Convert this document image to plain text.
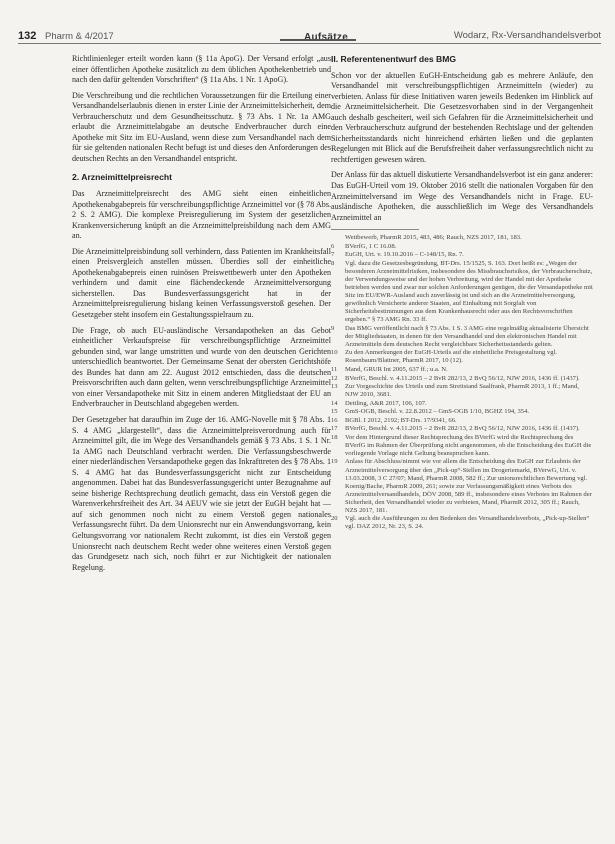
132 Pharm & 4/2017	Aufsätze	Wodarz, Rx-Versandhandelsverbot

Richtlinienleger erteilt worden kann (§ 11a ApoG). Der Versand erfolgt „aus einer öffentlichen Apotheke zusätzlich zu dem üblichen Apothekenbetrieb und nach den dafür geltenden Vorschriften“ (§ 11a Abs. 1 Nr. 1 ApoG).

Die Verschreibung und die rechtlichen Voraussetzungen für die Erteilung einer Versandhandelserlaubnis dienen in erster Linie der Arzneimittelsicherheit, dem Verbraucherschutz und dem Gesundheitsschutz. § 73 Abs. 1 Nr. 1a AMG erlaubt die Arzneimittelabgabe an deutsche Endverbraucher durch eine Apotheke mit Sitz im EU-Ausland, wenn diese zum Versandhandel nach dem für sie geltenden nationalen Recht befugt ist und dieses den Anforderungen des deutschen Rechts an den Versandhandel entspricht.

2. Arzneimittelpreisrecht

Das Arzneimittelpreisrecht des AMG sieht einen einheitlichen Apothekenabgabepreis für verschreibungspflichtige Arzneimittel vor (§ 78 Abs. 2 S. 2 AMG). Die komplexe Preisregulierung im System der gesetzlichen Krankenversicherung knüpft an die Arzneimittelpreisbildung nach dem AMG an.

Die Arzneimittelpreisbindung soll verhindern, dass Patienten im Krankheitsfall einen Preisvergleich anstellen müssen. Überdies soll der einheitliche Apothekenabgabepreis einen ruinösen Preiswettbewerb unter den Apotheken verhindern und damit eine flächendeckende Arzneimittelversorgung sicherstellen. Das Bundesverfassungsgericht hat in der Arzneimittelpreisregulierung bislang keinen Verfassungsverstoß gesehen. Der Gesetzgeber steht insofern ein Gestaltungsspielraum zu.

Die Frage, ob auch EU-ausländische Versandapotheken an das Gebot einheitlicher Verkaufspreise für verschreibungspflichtige Arzneimittel gebunden sind, war lange umstritten und wurde von den deutschen Gerichten unterschiedlich beantwortet. Der Gemeinsame Senat der obersten Gerichtshöfe des Bundes hat dann am 22. August 2012 entschieden, dass die deutschen Preisvorschriften auch dann gelten, wenn verschreibungspflichtige Arzneimittel von einer Versandapotheke mit Sitz in einem anderen Mitgliedstaat der EU an Endverbraucher in Deutschland abgegeben werden.

Der Gesetzgeber hat daraufhin im Zuge der 16. AMG-Novelle mit § 78 Abs. 1 S. 4 AMG „klargestellt“, dass die Arzneimittelpreisverordnung auch für Arzneimittel gilt, die im Wege des Versandhandels gemäß § 73 Abs. 1 S. 1 Nr. 1a AMG nach Deutschland verbracht werden. Die Verfassungsbeschwerde einer niederländischen Versandapotheke gegen das Inkrafttreten des § 78 Abs. 1 S. 4 AMG hat das Bundesverfassungsgericht nicht zur Entscheidung angenommen. Dabei hat das Bundesverfassungsgericht unter Bezugnahme auf seine bisherige Rechtsprechung deutlich gemacht, dass ein Verstoß gegen die Warenverkehrsfreiheit des Art. 34 AEUV wie sie jetzt der EuGH bejaht hat — auf sich genommen noch nicht zu einem Verstoß gegen nationales Verfassungsrecht führt. Da dem Unionsrecht nur ein Anwendungsvorrang, kein Geltungsvorrang vor nationalem Recht zukommt, ist dies ein Verstoß gegen Unionsrecht nach deutschem Recht weder ohne weiteres einen Verstoß gegen das Grundgesetz nach sich, noch führt er zur Nichtigkeit der nationalen Regelung.

II. Referentenentwurf des BMG

Schon vor der aktuellen EuGH-Entscheidung gab es mehrere Anläufe, den Versandhandel mit verschreibungspflichtigen Arzneimitteln (wieder) zu verbieten. Anlass für diese Initiativen waren jeweils Bedenken im Hinblick auf die Arzneimittelsicherheit. Die Gesetzesvorhaben sind in der Vergangenheit auch deshalb gescheitert, weil sich Gefahren für die Arzneimittelsicherheit und den Verbraucherschutz aufgrund der bestehenden Rechtslage und der geltenden Sicherheitsstandards nicht hinreichend erhärten ließen und die geplanten Regelungen mit Blick auf die Berufsfreiheit daher verfassungsrechtlich nicht zu rechtfertigen gewesen wären.

Der Anlass für das aktuell diskutierte Versandhandelsverbot ist ein ganz anderer: Das EuGH-Urteil vom 19. Oktober 2016 stellt die nationalen Vorgaben für den Arzneimittelversand im Wege des Versandhandels nicht in Frage. EU-ausländische Apotheken, die ausschließlich im Wege des Versandhandels Arzneimittel an

Wettbewerb, PharmR 2015, 483, 486; Rauch, NZS 2017, 181, 183.
6	BVerfG, 1 C 16.08.
7	EuGH, Urt. v. 19.10.2016 – C-148/15, Rn. 7.
8	Vgl. dazu die Gesetzesbegründung, BT-Drs. 15/1525, S. 163. Dort heißt es: „Wegen der besonderen Arzneimittelrisiken, insbesondere des Missbrauchsrisikos, der Verbraucherschutz, der Verwendungsweise und der hohen Verbreitung, wird der Handel mit der Apotheke betrieben werden und zwar nur solchen Anforderungen genügen, die der Versandapotheke mit Sitz im EU/EWR-Ausland auch zuverlässig ist und sich an die Arzneimittelversorgung, gewöhnlich Versicherte anderer Staaten, auf Einhaltung mit Sorgfalt von Sicherheitsbestimmungen aus dem Krankenhausrecht oder aus den Rechtsvorschriften ergeben.“ § 73 AMG Rn. 33 ff.
9	Das BMG veröffentlicht nach § 73 Abs. 1 S. 3 AMG eine regelmäßig aktualisierte Übersicht der Mitgliedstaaten, in denen für den Versandhandel und den elektronischen Handel mit Arzneimitteln dem deutschen Recht vergleichbare Sicherheitsstandards gelten.
10	Zu den Anmerkungen der EuGH-Urteils auf die einheitliche Preisgestaltung vgl. Rosenbaum/Blattner, PharmR 2017, 10 (12).
11	Mand, GRUR Int 2005, 637 ff.; u.a. N.
12	BVerfG, Beschl. v. 4.11.2015 – 2 BvR 282/13, 2 BvQ 56/12, NJW 2016, 1436 ff. (1437).
13	Zur Vorgeschichte des Urteils und zum Streitstand Saalfrank, PharmR 2013, 1 ff.; Mand, NJW 2010, 3681.
14	Dettling, A&R 2017, 106, 107.
15	GmS-OGB, Beschl. v. 22.8.2012 – GmS-OGB 1/10, BGHZ 194, 354.
16	BGBl. I 2012, 2192; BT-Drs. 17/9341, 66.
17	BVerfG, Beschl. v. 4.11.2015 – 2 BvR 282/13, 2 BvQ 56/12, NJW 2016, 1436 ff. (1437).
18	Vor dem Hintergrund dieser Rechtsprechung des BVerfG wird die Rechtsprechung des BVerfG im Rahmen der Überprüfung nicht angenommen, ob die Entscheidung des EuGH die vorliegende Vorlage nicht Geltung beanspruchen kann.
19	Anlass für Abschluss/nimmt wie vor allem die Entscheidung des EuGH zur Erlaubnis der Arzneimittelversorgung über den „Pick-up“-Stellen im Drogeriemarkt, BVerwG, Urt. v. 13.03.2008, 3 C 27/07; Mand, PharmR 2008, 582 ff.; Zur unionsrechtlichen Bewertung vgl. Koenig/Bache, PharmR 2009, 261; sowie zur Verfassungsmäßigkeit eines Verbots des Arzneimittelversandhandels, DÖV 2008, 589 ff., insbesondere eines Verbotes im Rahmen der Sicherheit, den Versandhandel wieder zu verbieten, Mand, PharmR 2012, 305 ff.; Rauch, NZS 2017, 181.
20	Vgl. auch die Ausführungen zu den Bedenken des Versandhandelsverbots, „Pick-up-Stellen“ vgl. DAZ 2012, Nr. 23, S. 24.
